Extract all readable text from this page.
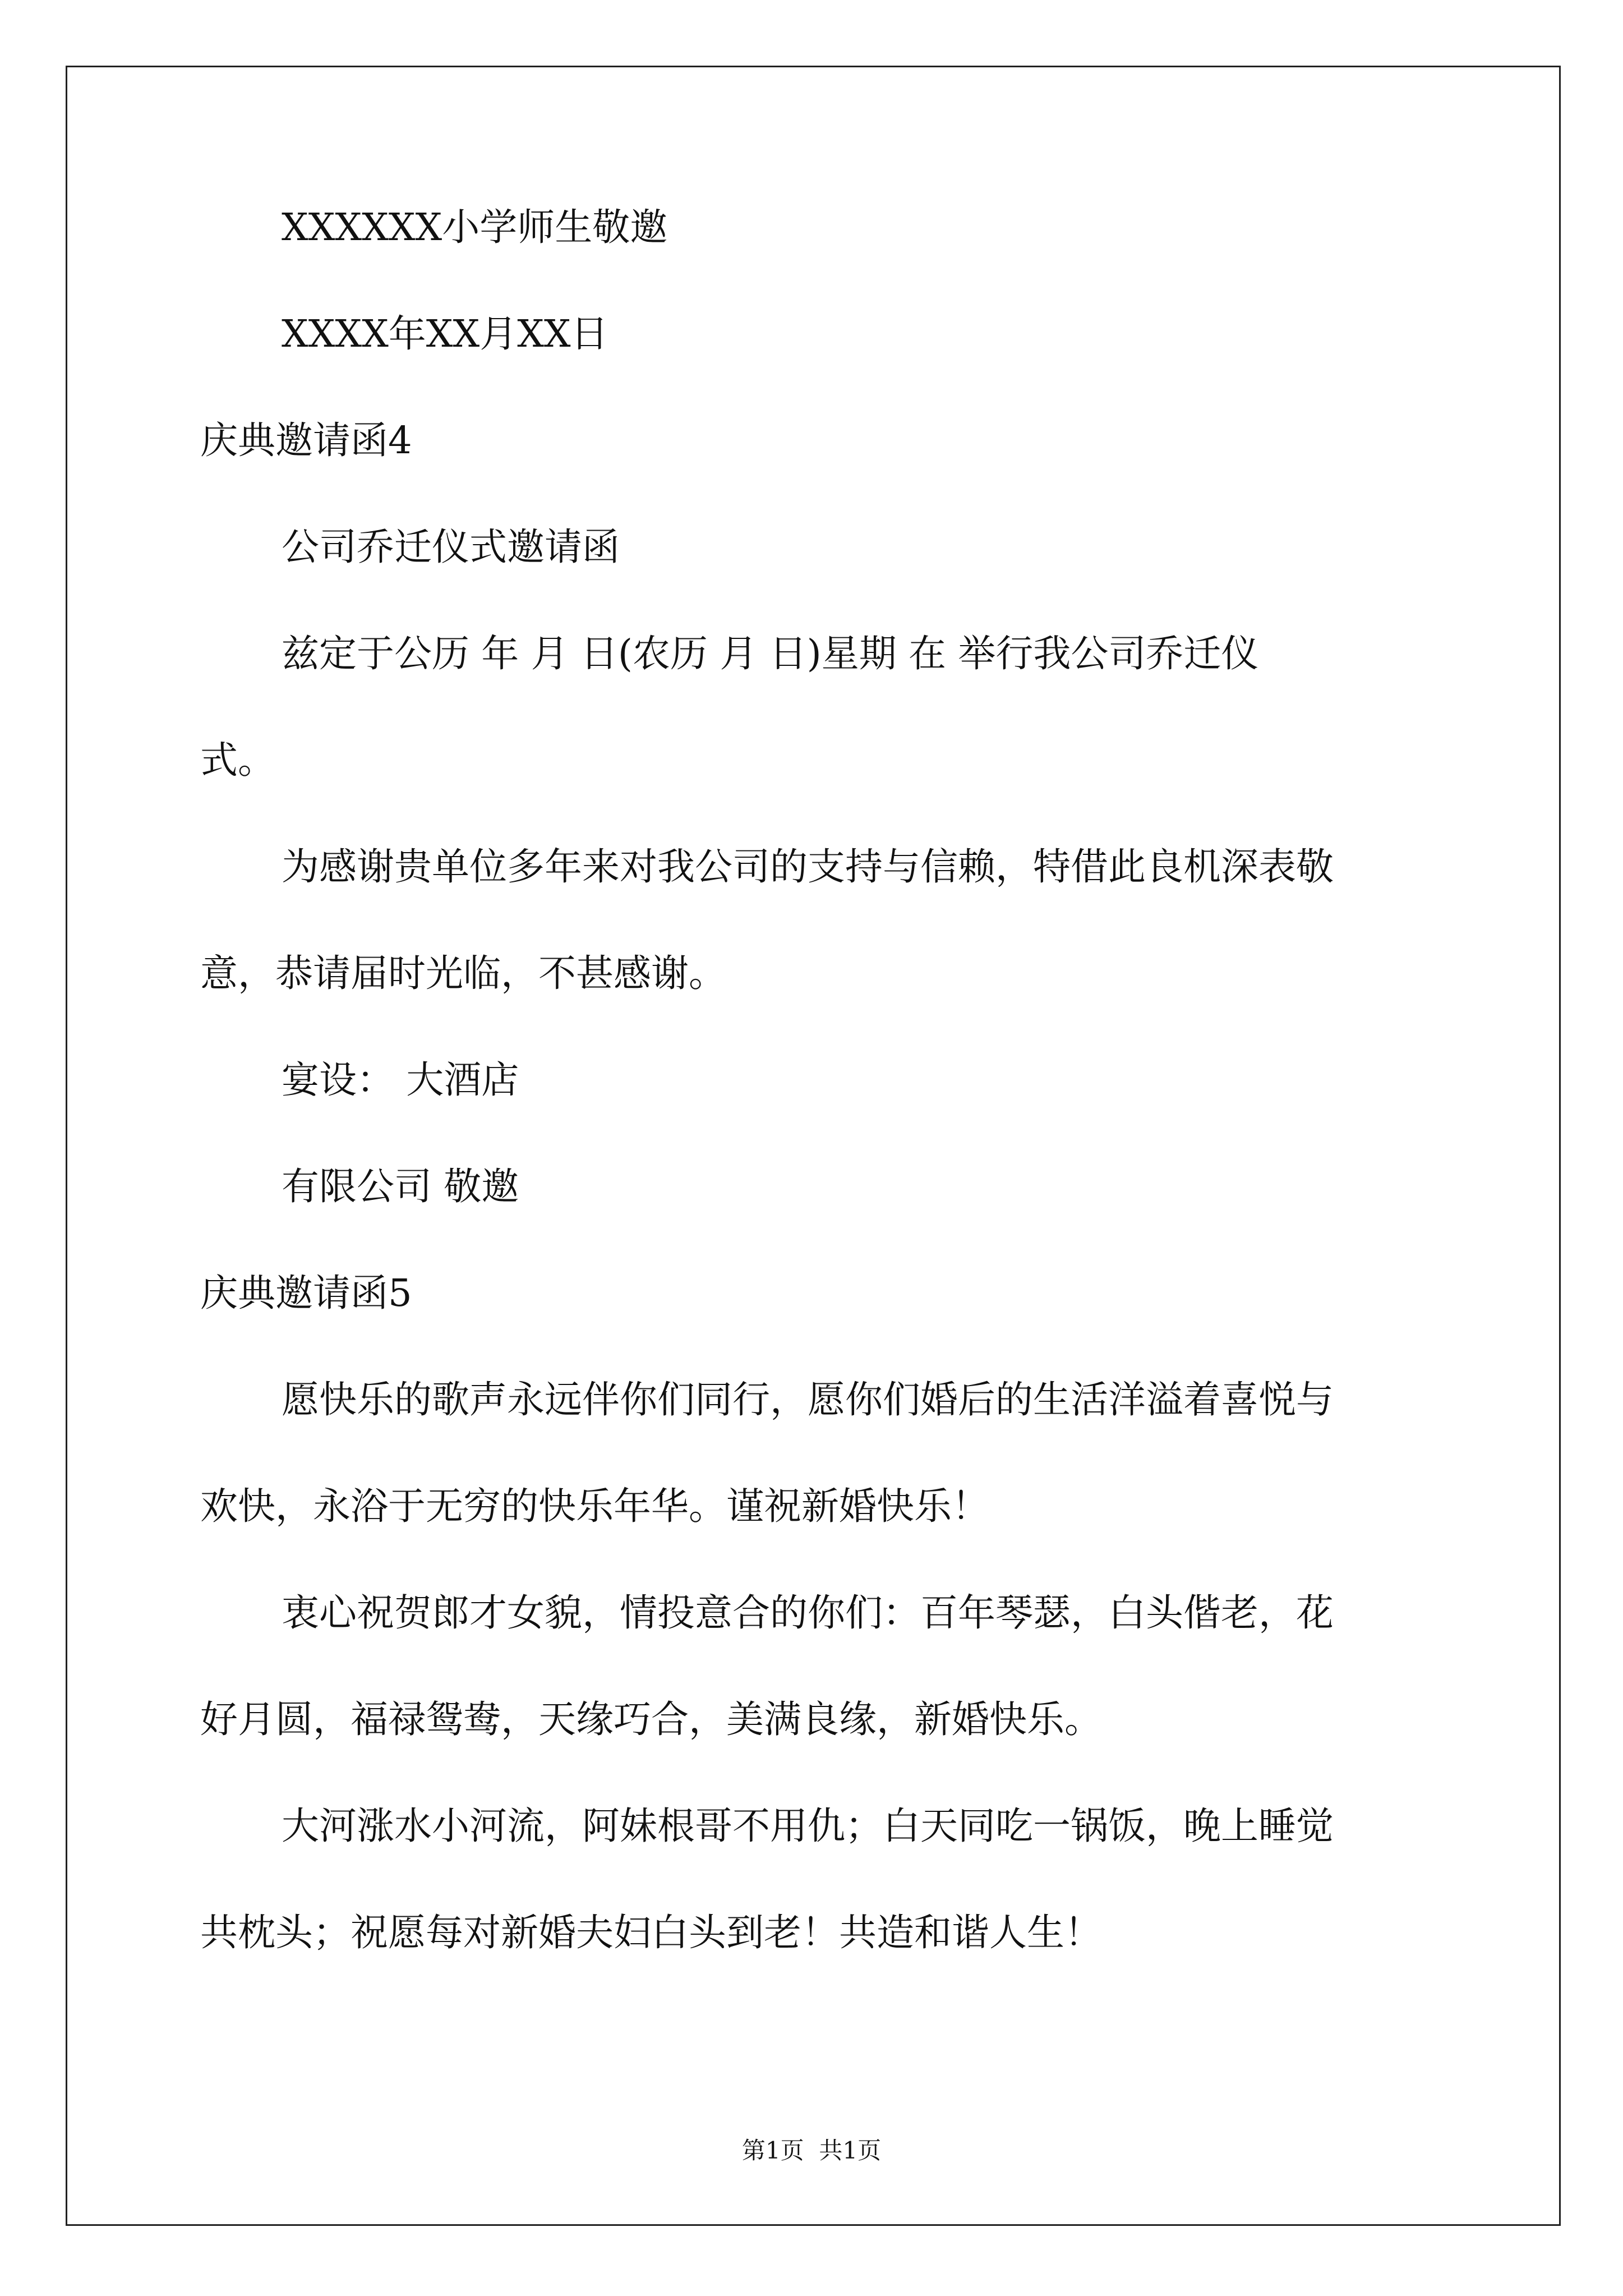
XXXXXX小学师生敬邀
XXXX年XX月XX日
庆典邀请函4
公司乔迁仪式邀请函
兹定于公历 年 月 日(农历 月 日)星期 在 举行我公司乔迁仪
式。
为感谢贵单位多年来对我公司的支持与信赖，特借此良机深表敬
意，恭请届时光临，不甚感谢。
宴设： 大酒店
有限公司 敬邀
庆典邀请函5
愿快乐的歌声永远伴你们同行，愿你们婚后的生活洋溢着喜悦与
欢快，永浴于无穷的快乐年华。谨祝新婚快乐！
衷心祝贺郎才女貌，情投意合的你们：百年琴瑟，白头偕老，花
好月圆，福禄鸳鸯，天缘巧合，美满良缘，新婚快乐。
大河涨水小河流，阿妹根哥不用仇；白天同吃一锅饭，晚上睡觉
共枕头；祝愿每对新婚夫妇白头到老！共造和谐人生！
第1页  共1页
